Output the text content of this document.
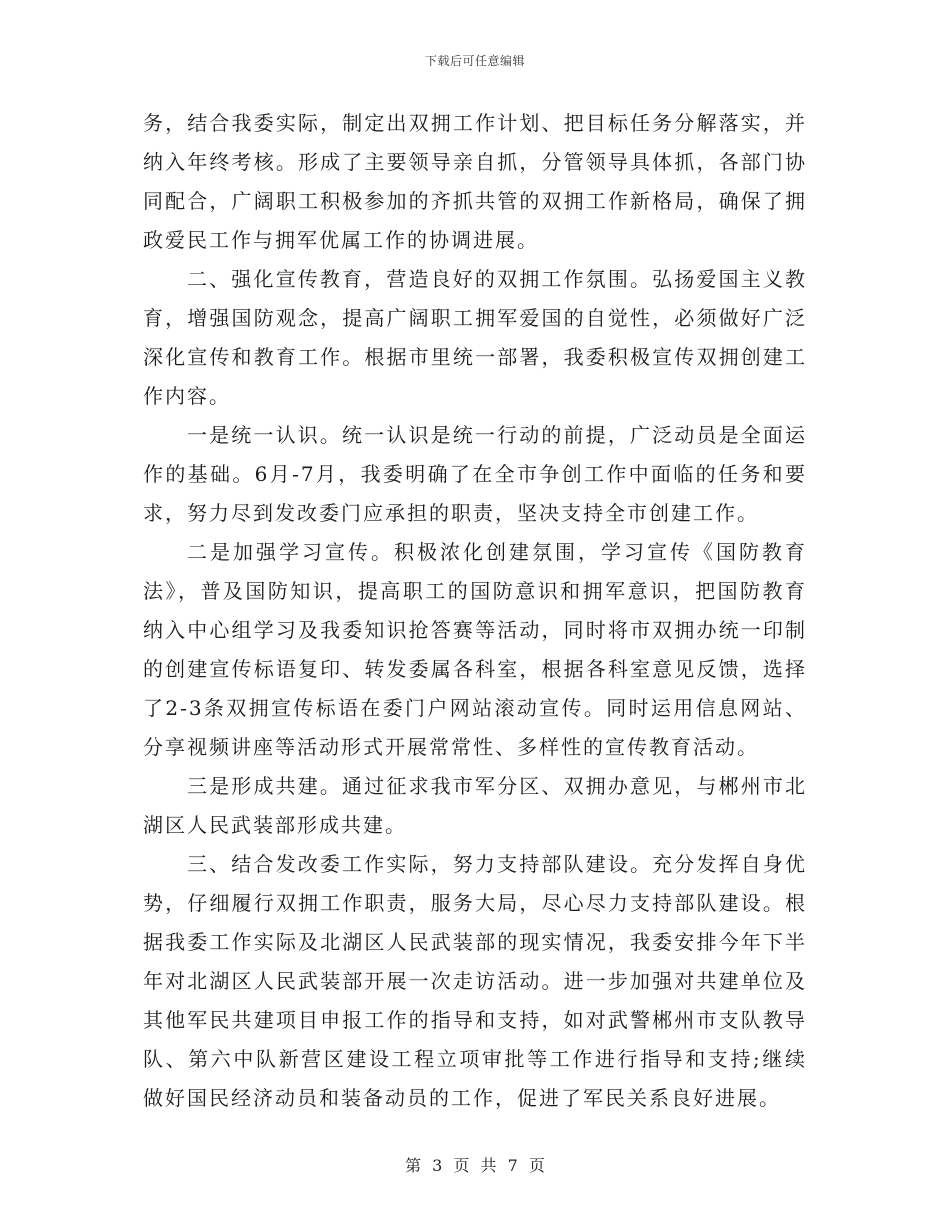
下载后可任意编辑

务，结合我委实际，制定出双拥工作计划、把目标任务分解落实，并纳入年终考核。形成了主要领导亲自抓，分管领导具体抓，各部门协同配合，广阔职工积极参加的齐抓共管的双拥工作新格局，确保了拥政爱民工作与拥军优属工作的协调进展。

二、强化宣传教育，营造良好的双拥工作氛围。弘扬爱国主义教育，增强国防观念，提高广阔职工拥军爱国的自觉性，必须做好广泛深化宣传和教育工作。根据市里统一部署，我委积极宣传双拥创建工作内容。

一是统一认识。统一认识是统一行动的前提，广泛动员是全面运作的基础。6月-7月，我委明确了在全市争创工作中面临的任务和要求，努力尽到发改委门应承担的职责，坚决支持全市创建工作。

二是加强学习宣传。积极浓化创建氛围，学习宣传《国防教育法》，普及国防知识，提高职工的国防意识和拥军意识，把国防教育纳入中心组学习及我委知识抢答赛等活动，同时将市双拥办统一印制的创建宣传标语复印、转发委属各科室，根据各科室意见反馈，选择了2-3条双拥宣传标语在委门户网站滚动宣传。同时运用信息网站、分享视频讲座等活动形式开展常常性、多样性的宣传教育活动。

三是形成共建。通过征求我市军分区、双拥办意见，与郴州市北湖区人民武装部形成共建。

三、结合发改委工作实际，努力支持部队建设。充分发挥自身优势，仔细履行双拥工作职责，服务大局，尽心尽力支持部队建设。根据我委工作实际及北湖区人民武装部的现实情况，我委安排今年下半年对北湖区人民武装部开展一次走访活动。进一步加强对共建单位及其他军民共建项目申报工作的指导和支持，如对武警郴州市支队教导队、第六中队新营区建设工程立项审批等工作进行指导和支持;继续做好国民经济动员和装备动员的工作，促进了军民关系良好进展。

第 3 页 共 7 页
